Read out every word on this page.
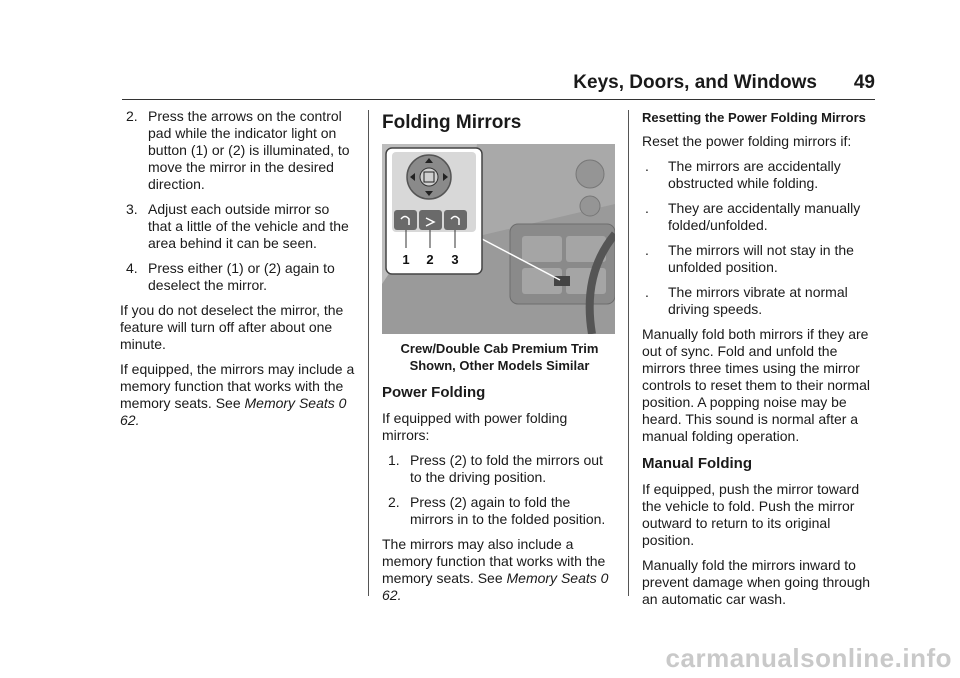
Keys, Doors, and Windows 49
2. Press the arrows on the control pad while the indicator light on button (1) or (2) is illuminated, to move the mirror in the desired direction.
3. Adjust each outside mirror so that a little of the vehicle and the area behind it can be seen.
4. Press either (1) or (2) again to deselect the mirror.

If you do not deselect the mirror, the feature will turn off after about one minute.

If equipped, the mirrors may include a memory function that works with the memory seats. See Memory Seats 0 62.

Folding Mirrors
1 2 3
Crew/Double Cab Premium Trim
Shown, Other Models Similar
Power Folding

If equipped with power folding mirrors:

1. Press (2) to fold the mirrors out to the driving position.
2. Press (2) again to fold the mirrors in to the folded position.

The mirrors may also include a memory function that works with the memory seats. See Memory Seats 0 62.

Resetting the Power Folding Mirrors

Reset the power folding mirrors if:

. The mirrors are accidentally obstructed while folding.
. They are accidentally manually folded/unfolded.
. The mirrors will not stay in the unfolded position.
. The mirrors vibrate at normal driving speeds.

Manually fold both mirrors if they are out of sync. Fold and unfold the mirrors three times using the mirror controls to reset them to their normal position. A popping noise may be heard. This sound is normal after a manual folding operation.

Manual Folding

If equipped, push the mirror toward the vehicle to fold. Push the mirror outward to return to its original position.

Manually fold the mirrors inward to prevent damage when going through an automatic car wash.

carmanualsonline.info
